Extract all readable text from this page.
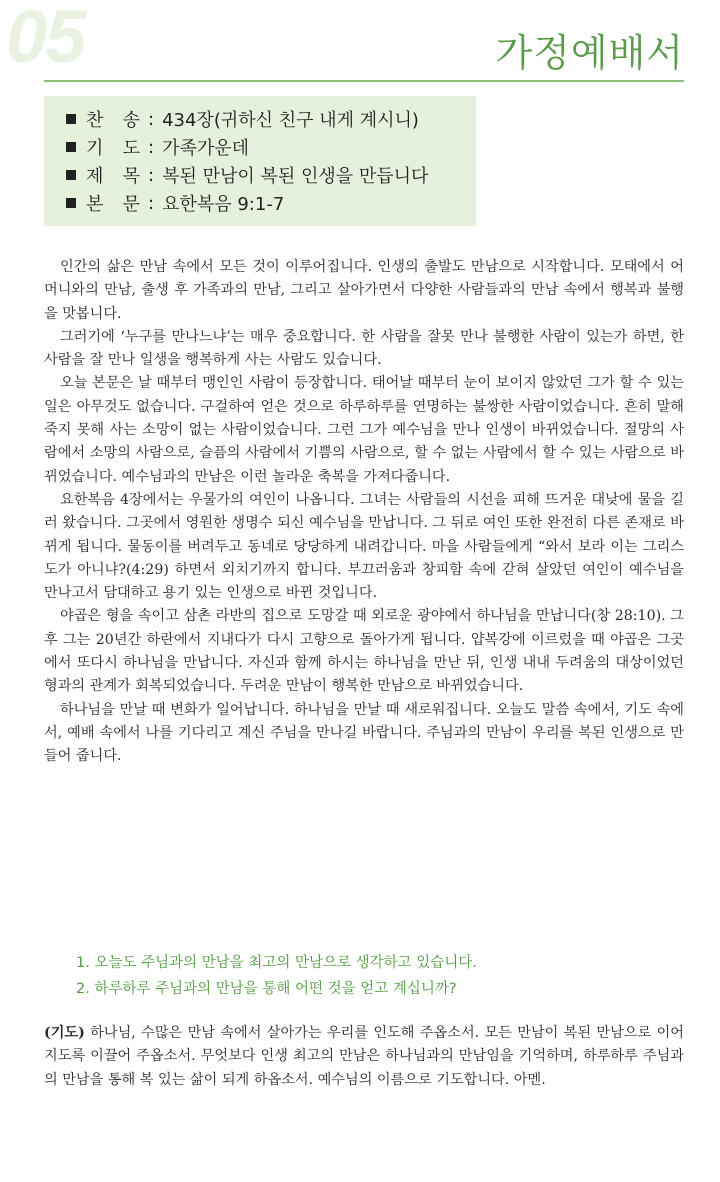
05	가정예배서
찬 송 : 434장(귀하신 친구 내게 계시니)
기 도 : 가족가운데
제 목 : 복된 만남이 복된 인생을 만듭니다
본 문 : 요한복음 9:1-7

인간의 삶은 만남 속에서 모든 것이 이루어집니다. 인생의 출발도 만남으로 시작합니다. 모태에서 어머니와의 만남, 출생 후 가족과의 만남, 그리고 살아가면서 다양한 사람들과의 만남 속에서 행복과 불행을 맛봅니다.

그러기에 ‘누구를 만나느냐’는 매우 중요합니다. 한 사람을 잘못 만나 불행한 사람이 있는가 하면, 한 사람을 잘 만나 일생을 행복하게 사는 사람도 있습니다.

오늘 본문은 날 때부터 맹인인 사람이 등장합니다. 태어날 때부터 눈이 보이지 않았던 그가 할 수 있는 일은 아무것도 없습니다. 구걸하여 얻은 것으로 하루하루를 연명하는 불쌍한 사람이었습니다. 흔히 말해 죽지 못해 사는 소망이 없는 사람이었습니다. 그런 그가 예수님을 만나 인생이 바뀌었습니다. 절망의 사람에서 소망의 사람으로, 슬픔의 사람에서 기쁨의 사람으로, 할 수 없는 사람에서 할 수 있는 사람으로 바뀌었습니다. 예수님과의 만남은 이런 놀라운 축복을 가져다줍니다.

요한복음 4장에서는 우물가의 여인이 나옵니다. 그녀는 사람들의 시선을 피해 뜨거운 대낮에 물을 길러 왔습니다. 그곳에서 영원한 생명수 되신 예수님을 만납니다. 그 뒤로 여인 또한 완전히 다른 존재로 바뀌게 됩니다. 물동이를 버려두고 동네로 당당하게 내려갑니다. 마을 사람들에게 “와서 보라 이는 그리스도가 아니냐?(4:29) 하면서 외치기까지 합니다. 부끄러움과 창피함 속에 갇혀 살았던 여인이 예수님을 만나고서 담대하고 용기 있는 인생으로 바뀐 것입니다.

야곱은 형을 속이고 삼촌 라반의 집으로 도망갈 때 외로운 광야에서 하나님을 만납니다(창 28:10). 그 후 그는 20년간 하란에서 지내다가 다시 고향으로 돌아가게 됩니다. 얍복강에 이르렀을 때 야곱은 그곳에서 또다시 하나님을 만납니다. 자신과 함께 하시는 하나님을 만난 뒤, 인생 내내 두려움의 대상이었던 형과의 관계가 회복되었습니다. 두려운 만남이 행복한 만남으로 바뀌었습니다.

하나님을 만날 때 변화가 일어납니다. 하나님을 만날 때 새로워집니다. 오늘도 말씀 속에서, 기도 속에서, 예배 속에서 나를 기다리고 계신 주님을 만나길 바랍니다. 주님과의 만남이 우리를 복된 인생으로 만들어 줍니다.

1. 오늘도 주님과의 만남을 최고의 만남으로 생각하고 있습니다.
2. 하루하루 주님과의 만남을 통해 어떤 것을 얻고 계십니까?
(기도) 하나님, 수많은 만남 속에서 살아가는 우리를 인도해 주옵소서. 모든 만남이 복된 만남으로 이어지도록 이끌어 주옵소서. 무엇보다 인생 최고의 만남은 하나님과의 만남임을 기억하며, 하루하루 주님과의 만남을 통해 복 있는 삶이 되게 하옵소서. 예수님의 이름으로 기도합니다. 아멘.
